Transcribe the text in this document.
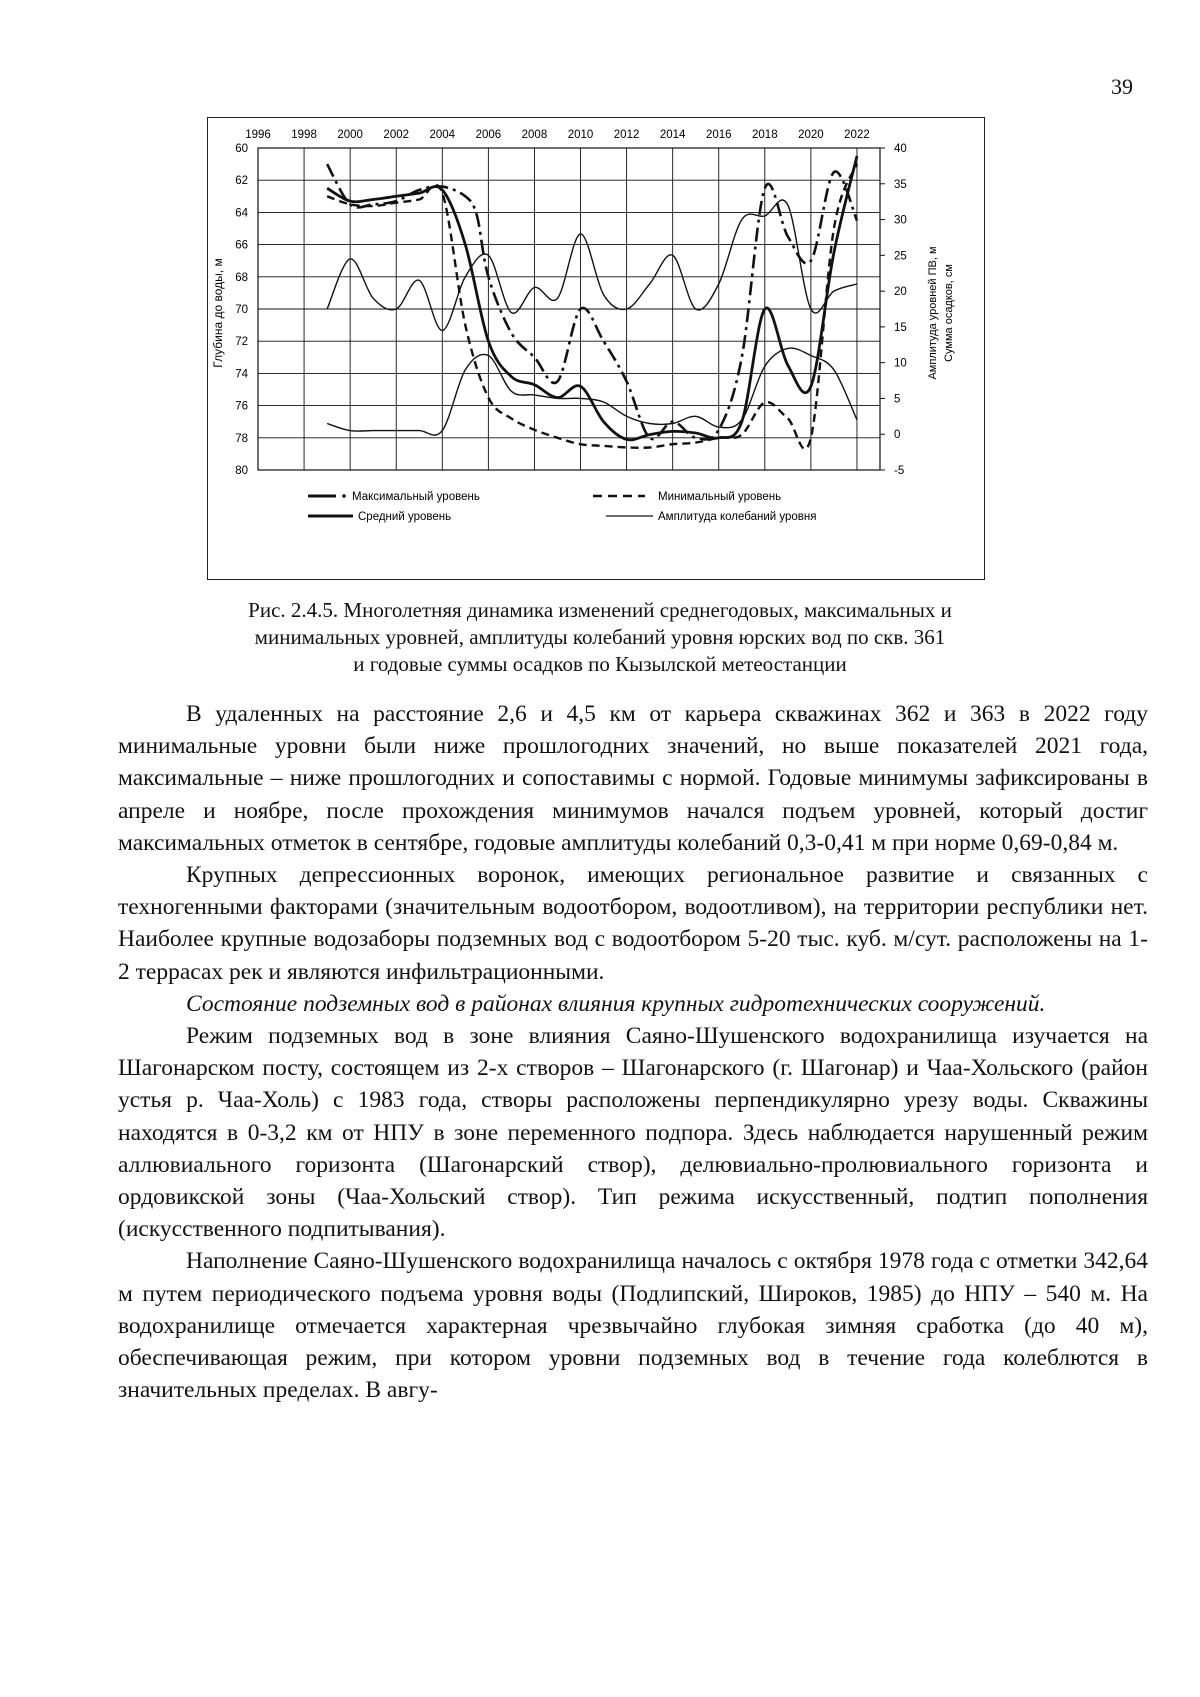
39
1996 1998 2000 2002 2004 2006 2008 2010 2012 2014 2016 2018 2020 2022
60
62
64
66
68
70
72
74
76
78
80
40
35
30
25
20
15
10
5
0
-5
Глубина до воды, м	Амплитуда уровней ПВ, м Сумма осадков, см
Максимальный уровень	Минимальный уровень
Средний уровень	Амплитуда колебаний уровня

Рис. 2.4.5. Многолетняя динамика изменений среднегодовых, максимальных и

минимальных уровней, амплитуды колебаний уровня юрских вод по скв. 361

и годовые суммы осадков по Кызылской метеостанции

В удаленных на расстояние 2,6 и 4,5 км от карьера скважинах 362 и 363 в 2022 году минимальные уровни были ниже прошлогодних значений, но выше показателей 2021 года, максимальные – ниже прошлогодних и сопоставимы с нормой. Годовые минимумы зафиксированы в апреле и ноябре, после прохождения минимумов начался подъем уровней, который достиг максимальных отметок в сентябре, годовые амплитуды колебаний 0,3-0,41 м при норме 0,69-0,84 м.

Крупных депрессионных воронок, имеющих региональное развитие и связанных с техногенными факторами (значительным водоотбором, водоотливом), на территории республики нет. Наиболее крупные водозаборы подземных вод с водоотбором 5-20 тыс. куб. м/сут. расположены на 1-2 террасах рек и являются инфильтрационными.

Состояние подземных вод в районах влияния крупных гидротехнических сооружений.

Режим подземных вод в зоне влияния Саяно-Шушенского водохранилища изучается на Шагонарском посту, состоящем из 2-х створов – Шагонарского (г. Шагонар) и Чаа-Хольского (район устья р. Чаа-Холь) с 1983 года, створы расположены перпендикулярно урезу воды. Скважины находятся в 0-3,2 км от НПУ в зоне переменного подпора. Здесь наблюдается нарушенный режим аллювиального горизонта (Шагонарский створ), делювиально-пролювиального горизонта и ордовикской зоны (Чаа-Хольский створ). Тип режима искусственный, подтип пополнения (искусственного подпитывания).

Наполнение Саяно-Шушенского водохранилища началось с октября 1978 года с отметки 342,64 м путем периодического подъема уровня воды (Подлипский, Широков, 1985) до НПУ – 540 м. На водохранилище отмечается характерная чрезвычайно глубокая зимняя сработка (до 40 м), обеспечивающая режим, при котором уровни подземных вод в течение года колеблются в значительных пределах. В авгу-
